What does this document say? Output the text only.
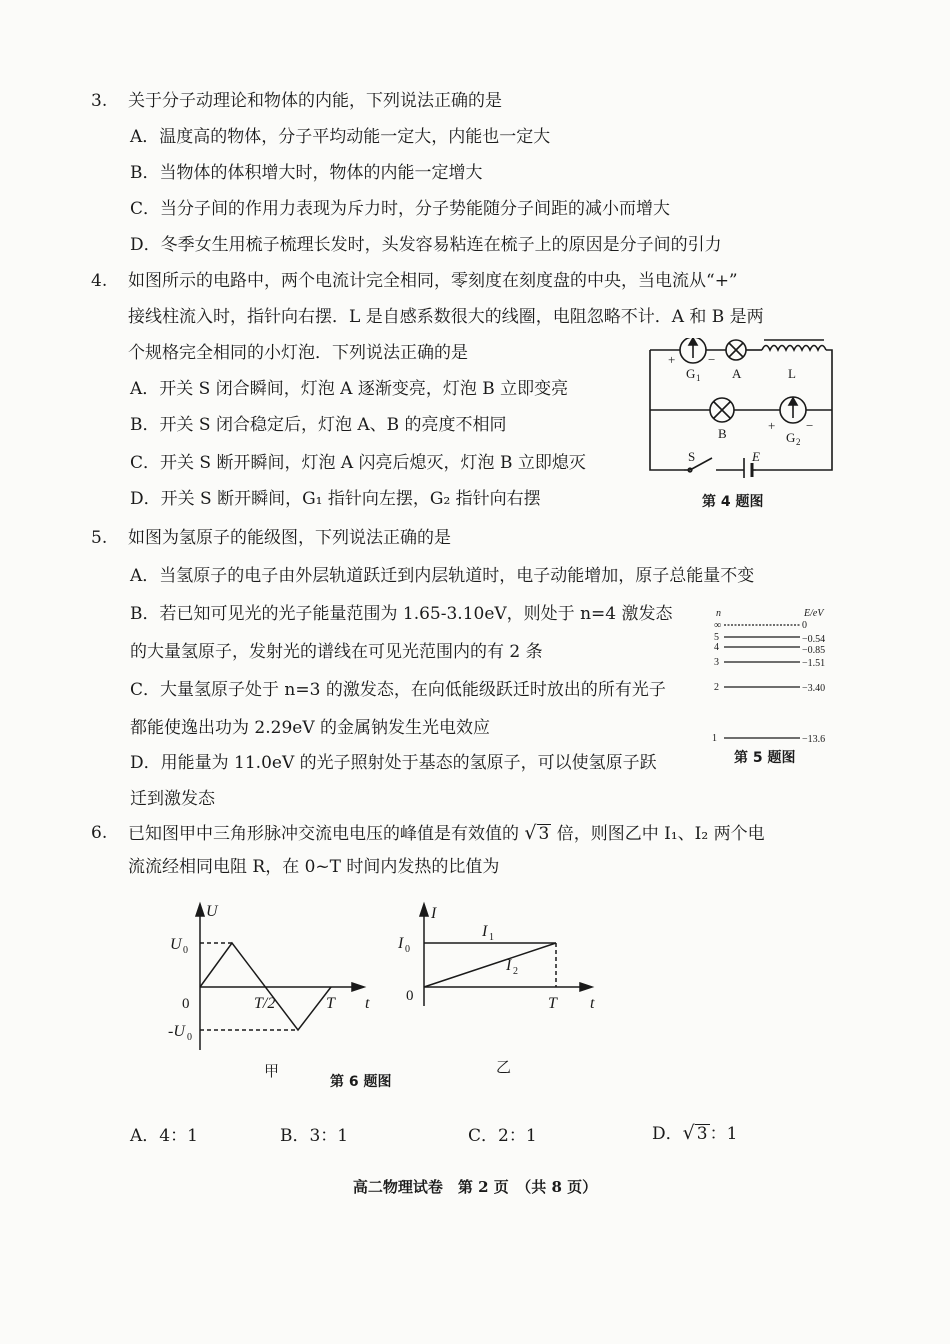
3. 关于分子动理论和物体的内能，下列说法正确的是
A．温度高的物体，分子平均动能一定大，内能也一定大
B．当物体的体积增大时，物体的内能一定增大
C．当分子间的作用力表现为斥力时，分子势能随分子间距的减小而增大
D．冬季女生用梳子梳理长发时，头发容易粘连在梳子上的原因是分子间的引力
4. 如图所示的电路中，两个电流计完全相同，零刻度在刻度盘的中央，当电流从“+”
接线柱流入时，指针向右摆．L 是自感系数很大的线圈，电阻忽略不计．A 和 B 是两
个规格完全相同的小灯泡．下列说法正确的是
A．开关 S 闭合瞬间，灯泡 A 逐渐变亮，灯泡 B 立即变亮
B．开关 S 闭合稳定后，灯泡 A、B 的亮度不相同
C．开关 S 断开瞬间，灯泡 A 闪亮后熄灭，灯泡 B 立即熄灭
D．开关 S 断开瞬间，G₁ 指针向左摆，G₂ 指针向右摆
+	−
G 1 A	L
B
+ −
G 2
S	E
第 4 题图
5. 如图为氢原子的能级图，下列说法正确的是
A．当氢原子的电子由外层轨道跃迁到内层轨道时，电子动能增加，原子总能量不变
B．若已知可见光的光子能量范围为 1.65-3.10eV，则处于 n=4 激发态
的大量氢原子，发射光的谱线在可见光范围内的有 2 条
C．大量氢原子处于 n=3 的激发态，在向低能级跃迁时放出的所有光子
都能使逸出功为 2.29eV 的金属钠发生光电效应
D．用能量为 11.0eV 的光子照射处于基态的氢原子，可以使氢原子跃
迁到激发态
n	E/eV
∞	0
5	−0.54
4	−0.85
3	−1.51
2	−3.40
1	−13.6
第 5 题图
6. 已知图甲中三角形脉冲交流电电压的峰值是有效值的 √ 3 倍，则图乙中 I₁、I₂ 两个电
流流经相同电阻 R，在 0~T 时间内发热的比值为
U
t
U
-U
T/2	T
0
0
0
甲
I
t
I
I
I
T
0
1
2
0
乙
第 6 题图
A．4：1	B．3：1	C．2：1	D．√ 3 ：1
高二物理试卷　第 2 页　（共 8 页）
